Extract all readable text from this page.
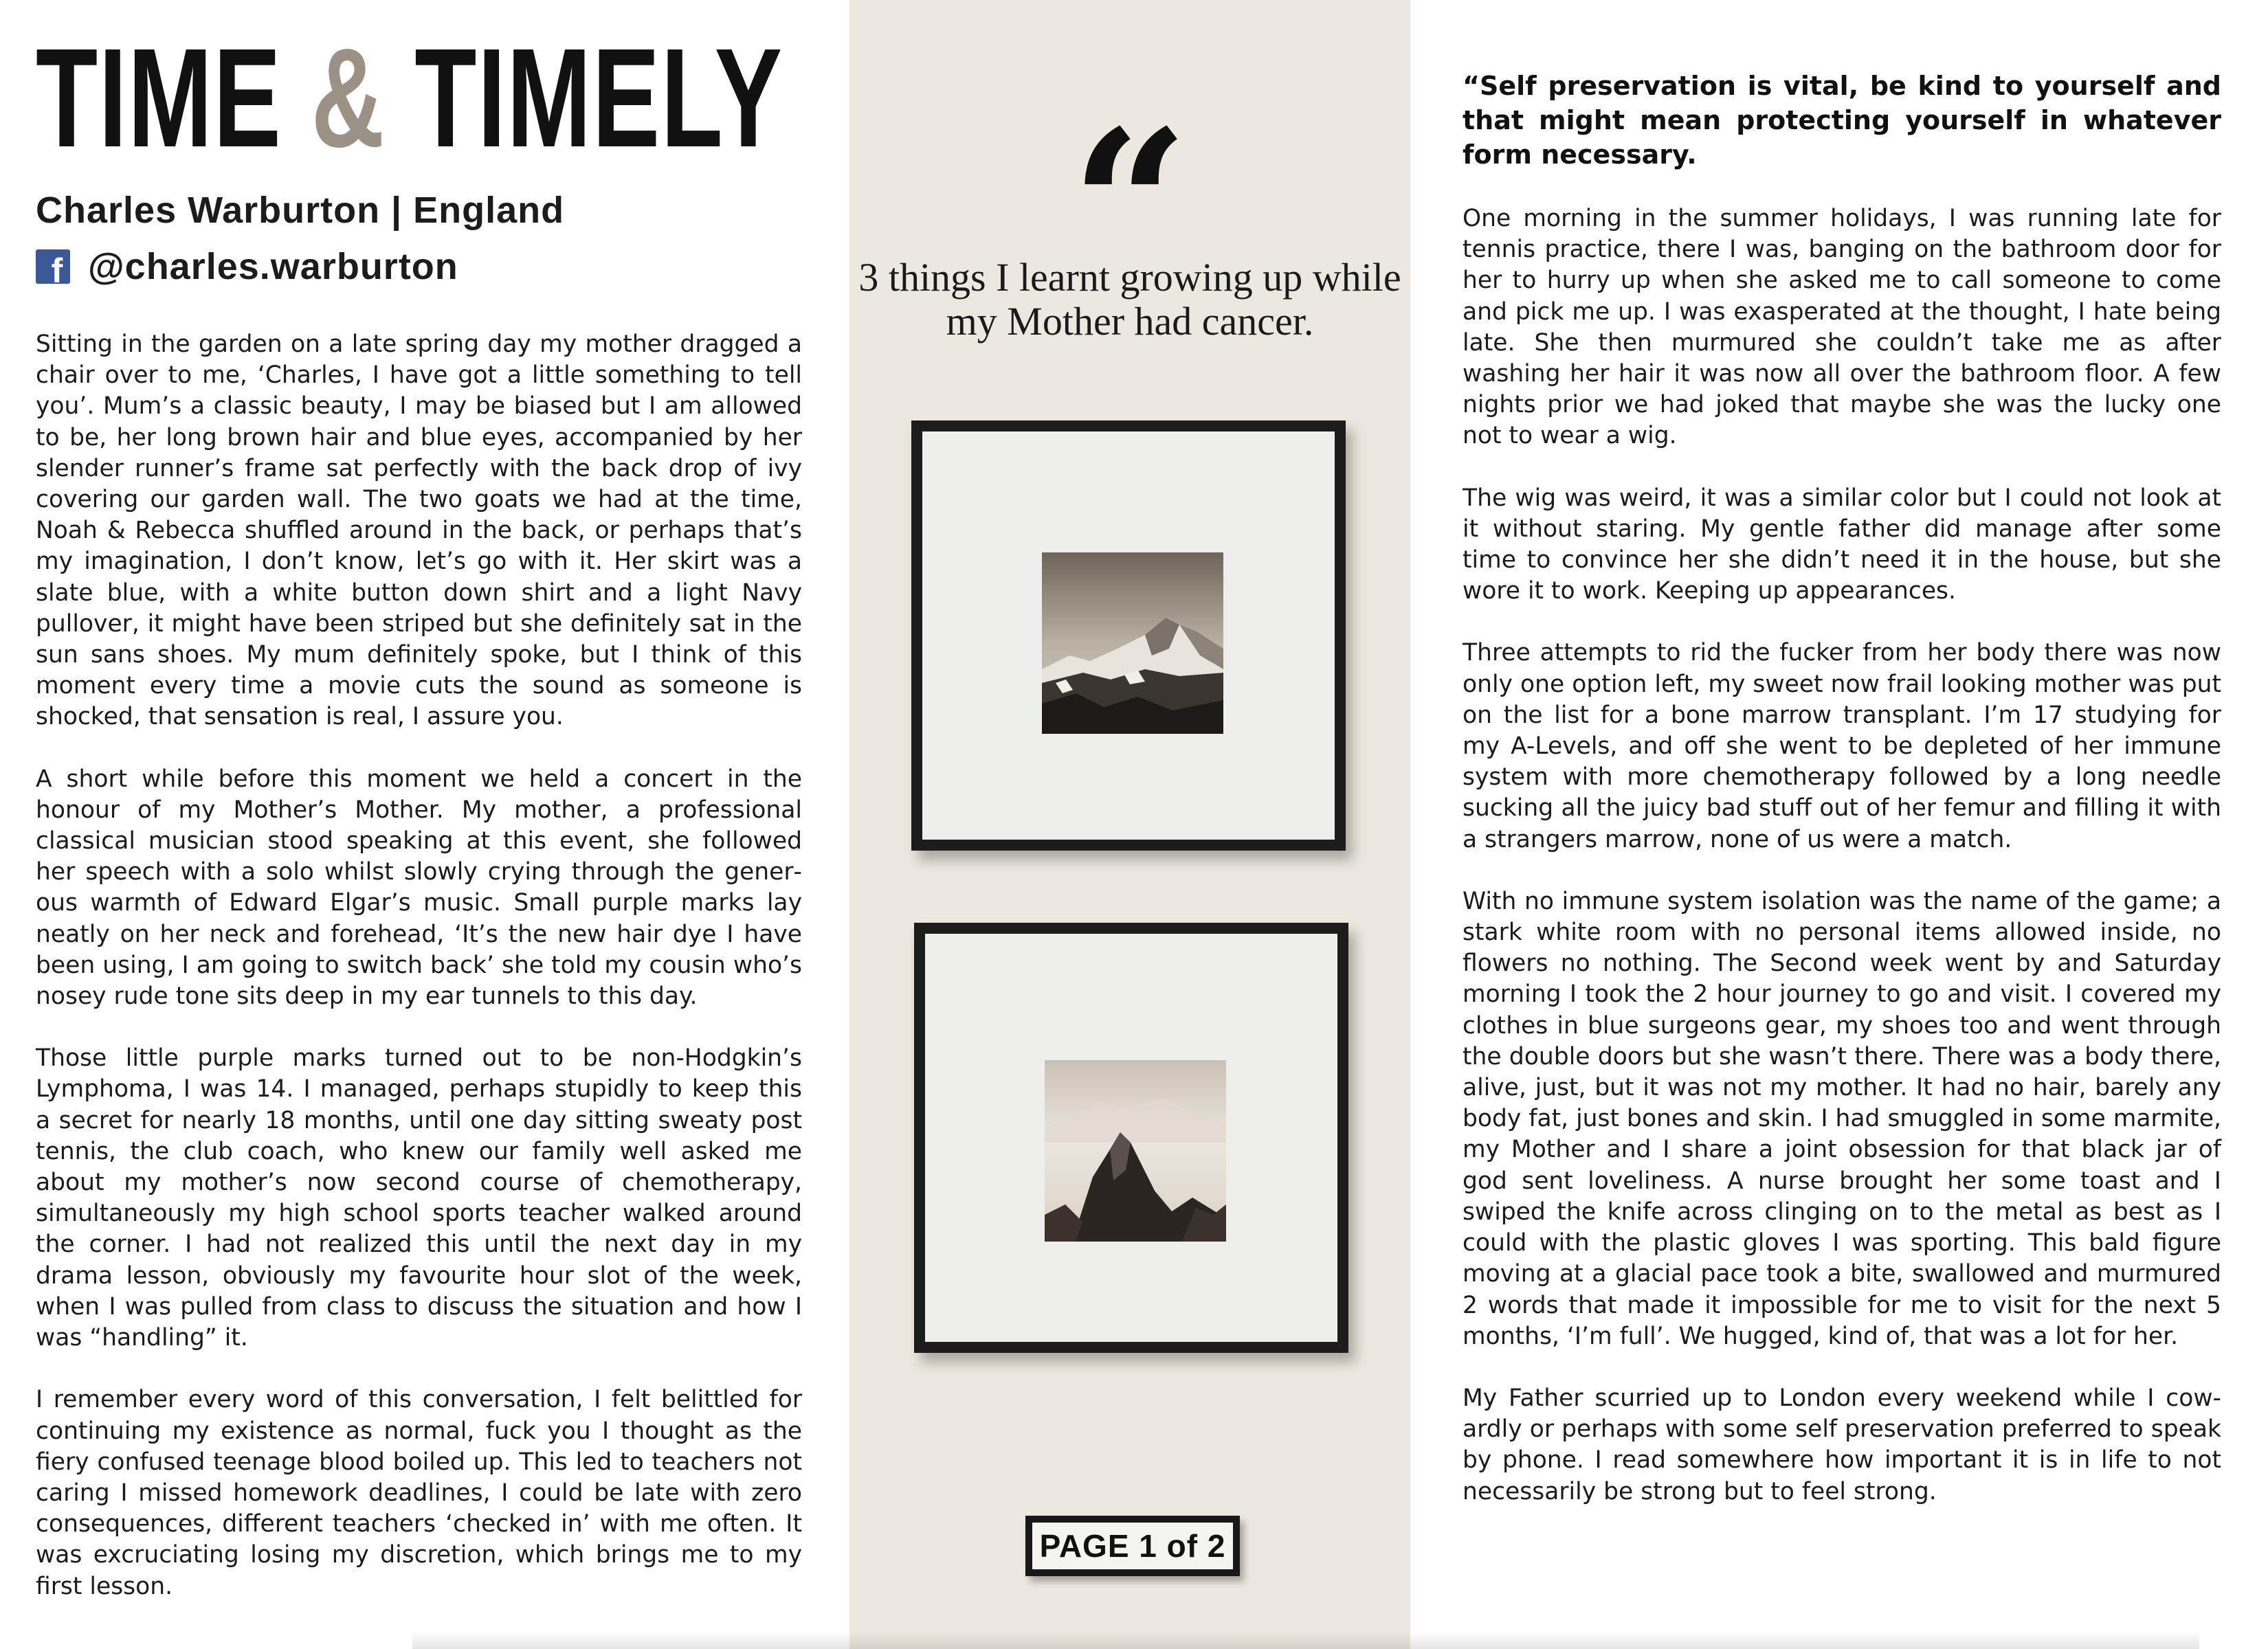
TIME & TIMELY
Charles Warburton | England
f @charles.warburton

Sitting in the garden on a late spring day my mother dragged a chair over to me, ‘Charles, I have got a little something to tell you’. Mum’s a classic beauty, I may be biased but I am allowed to be, her long brown hair and blue eyes, accompanied by her slender runner’s frame sat perfectly with the back drop of ivy covering our garden wall. The two goats we had at the time, Noah & Rebecca shuffled around in the back, or perhaps that’s my imagination, I don’t know, let’s go with it. Her skirt was a slate blue, with a white button down shirt and a light Navy pullover, it might have been striped but she definitely sat in the sun sans shoes. My mum definitely spoke, but I think of this moment every time a movie cuts the sound as someone is shocked, that sensation is real, I assure you.

A short while before this moment we held a concert in the honour of my Mother’s Mother. My mother, a professional classical musician stood speaking at this event, she followed her speech with a solo whilst slowly crying through the generous warmth of Edward Elgar’s music. Small purple marks lay neatly on her neck and forehead, ‘It’s the new hair dye I have been using, I am going to switch back’ she told my cousin who’s nosey rude tone sits deep in my ear tunnels to this day.

Those little purple marks turned out to be non-Hodgkin’s Lymphoma, I was 14. I managed, perhaps stupidly to keep this a secret for nearly 18 months, until one day sitting sweaty post tennis, the club coach, who knew our family well asked me about my mother’s now second course of chemotherapy, simultaneously my high school sports teacher walked around the corner. I had not realized this until the next day in my drama lesson, obviously my favourite hour slot of the week, when I was pulled from class to discuss the situation and how I was “handling” it.

I remember every word of this conversation, I felt belittled for continuing my existence as normal, fuck you I thought as the fiery confused teenage blood boiled up. This led to teachers not caring I missed homework deadlines, I could be late with zero consequences, different teachers ‘checked in’ with me often. It was excruciating losing my discretion, which brings me to my first lesson.

“
3 things I learnt growing up while my Mother had cancer.
PAGE 1 of 2

“Self preservation is vital, be kind to yourself and that might mean protecting yourself in whatever form necessary.

One morning in the summer holidays, I was running late for tennis practice, there I was, banging on the bathroom door for her to hurry up when she asked me to call someone to come and pick me up. I was exasperated at the thought, I hate being late. She then murmured she couldn’t take me as after washing her hair it was now all over the bathroom floor. A few nights prior we had joked that maybe she was the lucky one not to wear a wig.

The wig was weird, it was a similar color but I could not look at it without staring. My gentle father did manage after some time to convince her she didn’t need it in the house, but she wore it to work. Keeping up appearances.

Three attempts to rid the fucker from her body there was now only one option left, my sweet now frail looking mother was put on the list for a bone marrow transplant. I’m 17 studying for my A-Levels, and off she went to be depleted of her immune system with more chemotherapy followed by a long needle sucking all the juicy bad stuff out of her femur and filling it with a strangers marrow, none of us were a match.

With no immune system isolation was the name of the game; a stark white room with no personal items allowed inside, no flowers no nothing. The Second week went by and Saturday morning I took the 2 hour journey to go and visit. I covered my clothes in blue surgeons gear, my shoes too and went through the double doors but she wasn’t there. There was a body there, alive, just, but it was not my mother. It had no hair, barely any body fat, just bones and skin. I had smuggled in some marmite, my Mother and I share a joint obsession for that black jar of god sent loveliness. A nurse brought her some toast and I swiped the knife across clinging on to the metal as best as I could with the plastic gloves I was sporting. This bald figure moving at a glacial pace took a bite, swallowed and murmured 2 words that made it impossible for me to visit for the next 5 months, ‘I’m full’. We hugged, kind of, that was a lot for her.

My Father scurried up to London every weekend while I cowardly or perhaps with some self preservation preferred to speak by phone. I read somewhere how important it is in life to not necessarily be strong but to feel strong.
